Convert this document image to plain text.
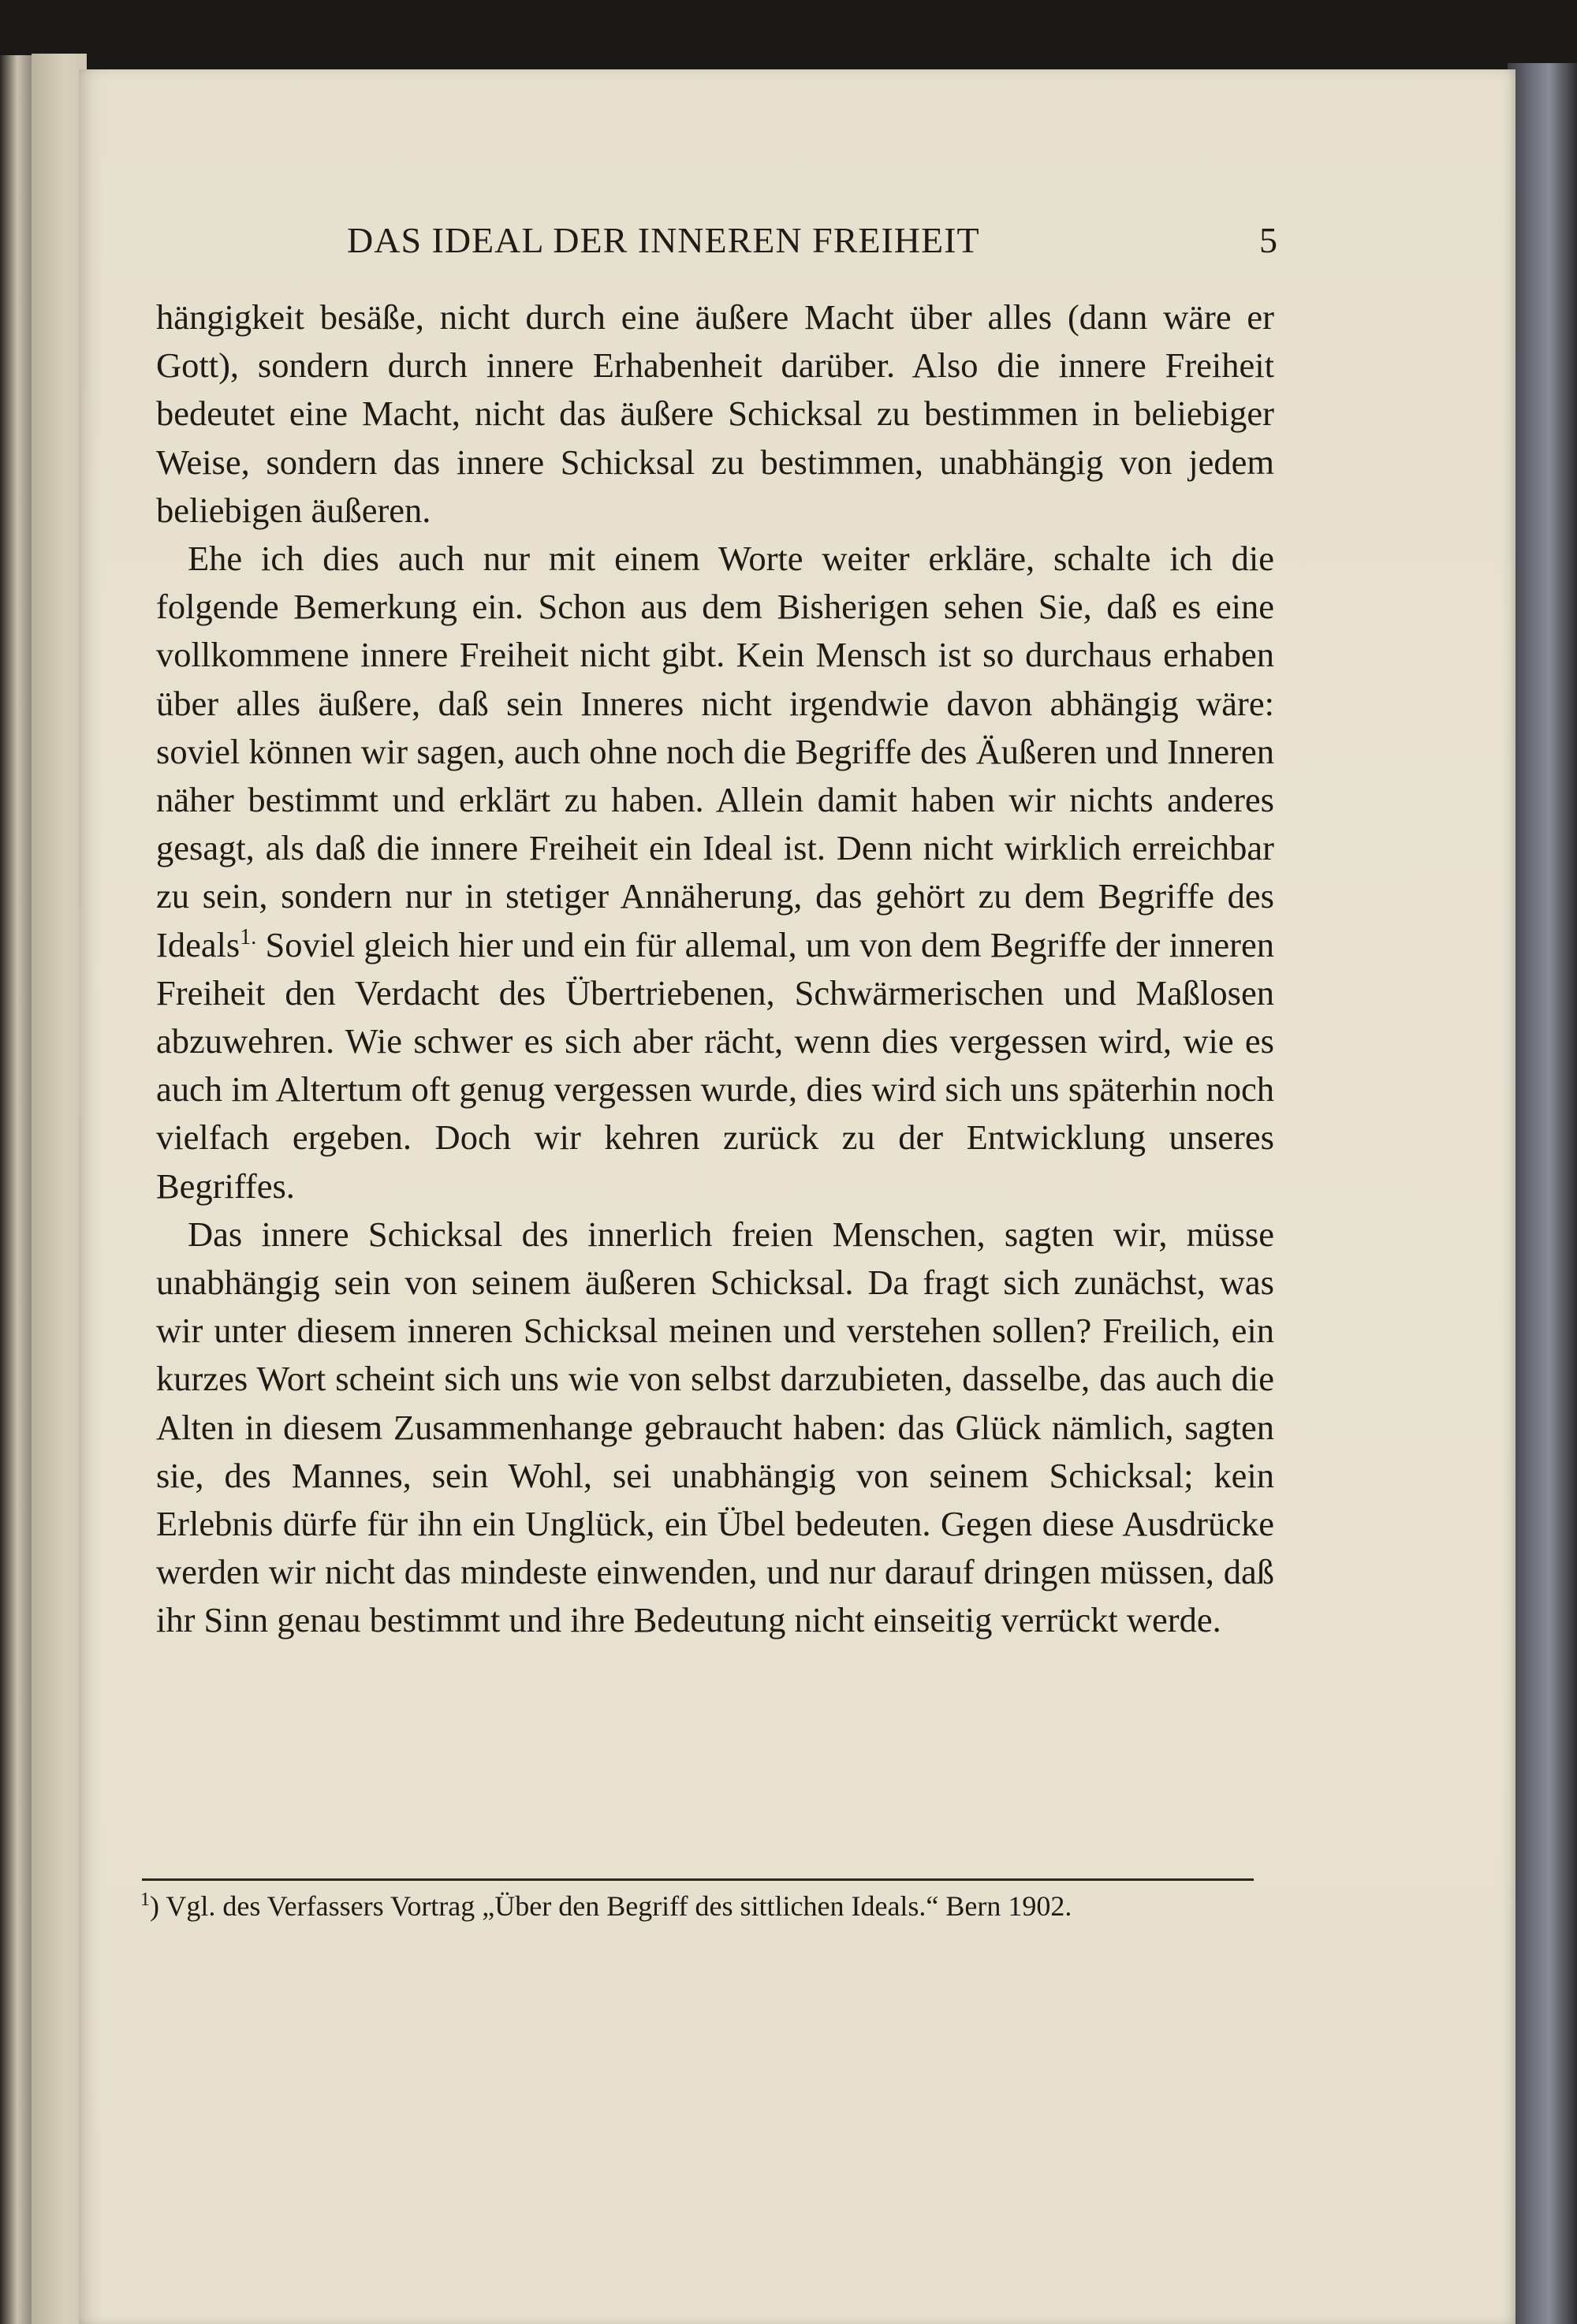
DAS IDEAL DER INNEREN FREIHEIT	5

hängigkeit besäße, nicht durch eine äußere Macht über alles (dann wäre er Gott), sondern durch innere Erhabenheit darüber. Also die innere Freiheit bedeutet eine Macht, nicht das äußere Schicksal zu bestimmen in beliebiger Weise, sondern das innere Schicksal zu bestimmen, unabhängig von jedem beliebigen äußeren.

Ehe ich dies auch nur mit einem Worte weiter erkläre, schalte ich die folgende Bemerkung ein. Schon aus dem Bisherigen sehen Sie, daß es eine vollkommene innere Freiheit nicht gibt. Kein Mensch ist so durchaus erhaben über alles äußere, daß sein Inneres nicht irgendwie davon abhängig wäre: soviel können wir sagen, auch ohne noch die Begriffe des Äußeren und Inneren näher bestimmt und erklärt zu haben. Allein damit haben wir nichts anderes gesagt, als daß die innere Freiheit ein Ideal ist. Denn nicht wirklich erreichbar zu sein, sondern nur in stetiger Annäherung, das gehört zu dem Begriffe des Ideals$^{1.}$ Soviel gleich hier und ein für allemal, um von dem Begriffe der inneren Freiheit den Verdacht des Übertriebenen, Schwärmerischen und Maßlosen abzuwehren. Wie schwer es sich aber rächt, wenn dies vergessen wird, wie es auch im Altertum oft genug vergessen wurde, dies wird sich uns späterhin noch vielfach ergeben. Doch wir kehren zurück zu der Entwicklung unseres Begriffes.

Das innere Schicksal des innerlich freien Menschen, sagten wir, müsse unabhängig sein von seinem äußeren Schicksal. Da fragt sich zunächst, was wir unter diesem inneren Schicksal meinen und verstehen sollen? Freilich, ein kurzes Wort scheint sich uns wie von selbst darzubieten, dasselbe, das auch die Alten in diesem Zusammenhange gebraucht haben: das Glück nämlich, sagten sie, des Mannes, sein Wohl, sei unabhängig von seinem Schicksal; kein Erlebnis dürfe für ihn ein Unglück, ein Übel bedeuten. Gegen diese Ausdrücke werden wir nicht das mindeste einwenden, und nur darauf dringen müssen, daß ihr Sinn genau bestimmt und ihre Bedeutung nicht einseitig verrückt werde.

$^1$) Vgl. des Verfassers Vortrag „Über den Begriff des sittlichen Ideals.“ Bern 1902.
